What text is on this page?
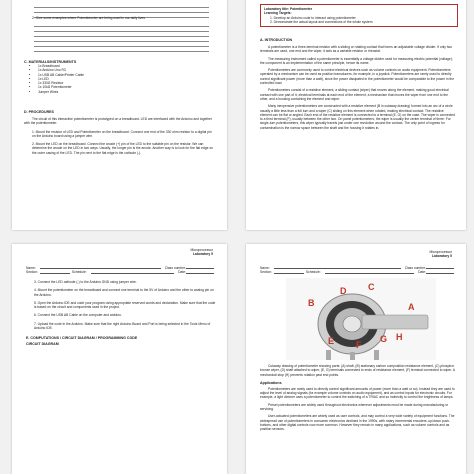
2. Give some examples where Potentiometer are being used in our daily lives

C. MATERIALS/INSTRUMENTS

• 1x Breadboard
• 1x Arduino Uno R3
• 1x USB AB Cable/Printer Cable
• 1x LED
• 1x 330Ω Resistor
• 1x 10kΩ Potentiometer
• Jumper Wires

D. PROCEDURES

The circuit of this interactive potentiometer is prototyped on a breadboard. LED are interfaced with the Arduino and together with the potentiometer.

1. Mount the resistor of LED and Potentiometer on the breadboard. Connect one end of the 330 ohm resistor to a digital pin on the Arduino board using a jumper wire.

2. Mount the LED on the breadboard. Connect the anode (+) pin of the LED to the suitable pin on the resistor. We can determine the anode on the LED in two ways. Usually, the longer pin is the anode. Another way is to look for the flat edge on the outer casing of the LED. The pin next to the flat edge is the cathode (-).

Laboratory title: Potentiometer

Learning Targets:

1. Develop an Arduino code to interact using potentiometer

2. Demonstrate the actual layout and connections of the whole system

A. INTRODUCTION

A potentiometer is a three-terminal resistor with a sliding or rotating contact that forms an adjustable voltage divider. If only two terminals are used, one end and the wiper, it acts as a variable resistor or rheostat.

The measuring instrument called a potentiometer is essentially a voltage divider used for measuring electric potential (voltage); the component is an implementation of the same principle, hence its name.

Potentiometers are commonly used to control electrical devices such as volume controls on audio equipment. Potentiometers operated by a mechanism can be used as position transducers, for example, in a joystick. Potentiometers are rarely used to directly control significant power (more than a watt), since the power dissipated in the potentiometer would be comparable to the power in the controlled load.

Potentiometers consist of a resistive element, a sliding contact (wiper) that moves along the element, making good electrical contact with one part of it, electrical terminals at each end of the element, a mechanism that moves the wiper from one end to the other, and a housing containing the element and wiper.

Many inexpensive potentiometers are constructed with a resistive element (B in cutaway drawing) formed into an arc of a circle usually a little less than a full turn and a wiper (C) sliding on this element when rotated, making electrical contact. The resistive element can be flat or angled. Each end of the resistive element is connected to a terminal (E, G) on the case. The wiper is connected to a third terminal (F), usually between the other two. On panel potentiometers, the wiper is usually the center terminal of three. For single-turn potentiometers, this wiper typically travels just under one revolution around the contact. The only point of ingress for contamination is the narrow space between the shaft and the housing it rotates in.

Microprocessor

Laboratory 5

Name:	Class number:
Section:	Schedule:	Date:

3. Connect the LED cathode (-) to the Arduino GND using jumper wire.

4. Mount the potentiometer on the breadboard and connect one terminal to the 5V of Arduino and the other to analog pin on the Arduino.

5. Open the Arduino IDE and code your program using appropriate reserved words and declaration. Make sure that the code is based on the circuit and components used in the project.

6. Connect the USB AB Cable on the computer and arduino.

7. Upload the code in the Arduino. Make sure that the right Arduino Board and Port is being selected in the Tools Menu of Arduino IDE.

E. COMPUTATIONS / CIRCUIT DIAGRAM / PROGRAMMING CODE

CIRCUIT DIAGRAM

Microprocessor

Laboratory 5

Name:	Class number:
Section:	Schedule:	Date:
A
B
C
D
E F
G H

Cutaway drawing of potentiometer showing parts: (A) shaft, (B) stationary carbon composition resistance element, (C) phosphor bronze wiper, (D) shaft attached to wiper, (E, G) terminals connected to ends of resistance element, (F) terminal connected to wiper. A mechanical stop (H) prevents rotation past end points.

Applications

Potentiometers are rarely used to directly control significant amounts of power (more than a watt or so). Instead they are used to adjust the level of analog signals (for example volume controls on audio equipment), and as control inputs for electronic circuits. For example, a light dimmer uses a potentiometer to control the switching of a TRIAC and so indirectly to control the brightness of lamps.

Preset potentiometers are widely used throughout electronics wherever adjustments must be made during manufacturing or servicing.

User-actuated potentiometers are widely used as user controls, and may control a very wide variety of equipment functions. The widespread use of potentiometers in consumer electronics declined in the 1990s, with rotary incremental encoders, up/down push-buttons, and other digital controls now more common. However they remain in many applications, such as volume controls and as position sensors.
